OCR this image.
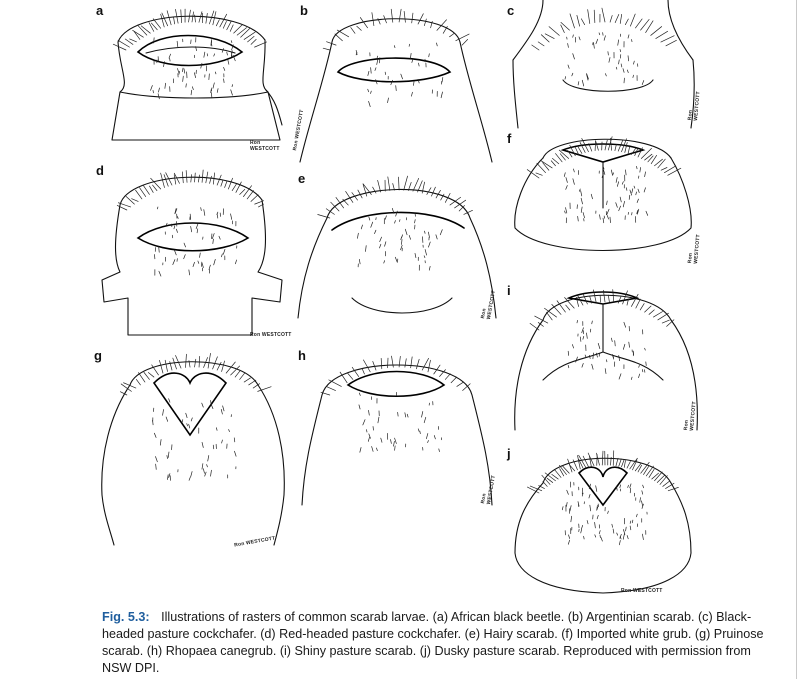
a
Ron WESTCOTT
b
Ron WESTCOTT
c
Ron WESTCOTT
d
Ron WESTCOTT
e
Ron WESTCOTT
f
Ron WESTCOTT
g
Ron WESTCOTT
h
Ron WESTCOTT
i
Ron WESTCOTT
j
Ron WESTCOTT
Fig. 5.3: Illustrations of rasters of common scarab larvae. (a) African black beetle. (b) Argentinian scarab. (c) Black-headed pasture cockchafer. (d) Red-headed pasture cockchafer. (e) Hairy scarab. (f) Imported white grub. (g) Pruinose scarab. (h) Rhopaea canegrub. (i) Shiny pasture scarab. (j) Dusky pasture scarab. Reproduced with permission from NSW DPI.
